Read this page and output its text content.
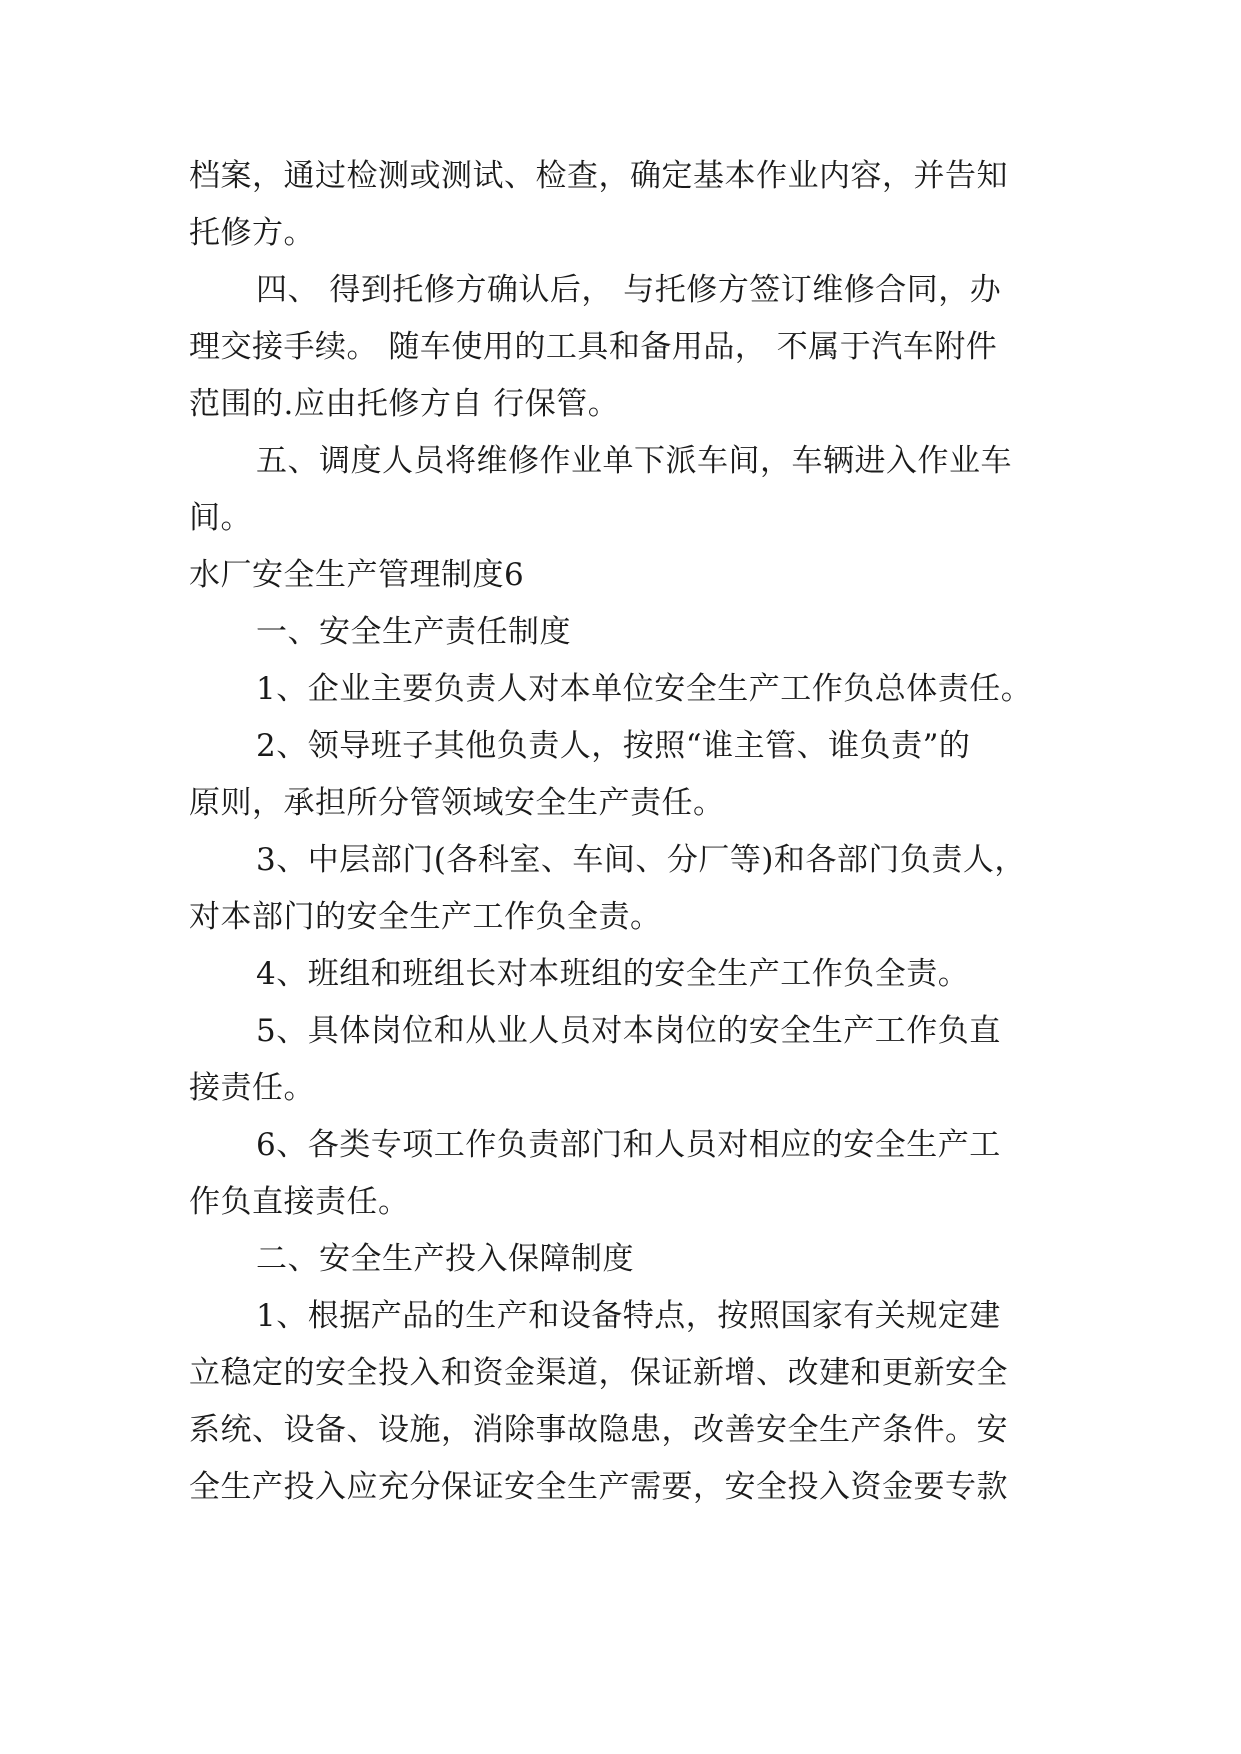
档案，通过检测或测试、检查，确定基本作业内容，并告知
托修方。
四、 得到托修方确认后， 与托修方签订维修合同，办
理交接手续。 随车使用的工具和备用品， 不属于汽车附件
范围的.应由托修方自 行保管。
五、调度人员将维修作业单下派车间，车辆进入作业车
间。
水厂安全生产管理制度6
一、安全生产责任制度
1、企业主要负责人对本单位安全生产工作负总体责任。
2、领导班子其他负责人，按照“谁主管、谁负责”的
原则，承担所分管领域安全生产责任。
3、中层部门(各科室、车间、分厂等)和各部门负责人，
对本部门的安全生产工作负全责。
4、班组和班组长对本班组的安全生产工作负全责。
5、具体岗位和从业人员对本岗位的安全生产工作负直
接责任。
6、各类专项工作负责部门和人员对相应的安全生产工
作负直接责任。
二、安全生产投入保障制度
1、根据产品的生产和设备特点，按照国家有关规定建
立稳定的安全投入和资金渠道，保证新增、改建和更新安全
系统、设备、设施，消除事故隐患，改善安全生产条件。安
全生产投入应充分保证安全生产需要，安全投入资金要专款
